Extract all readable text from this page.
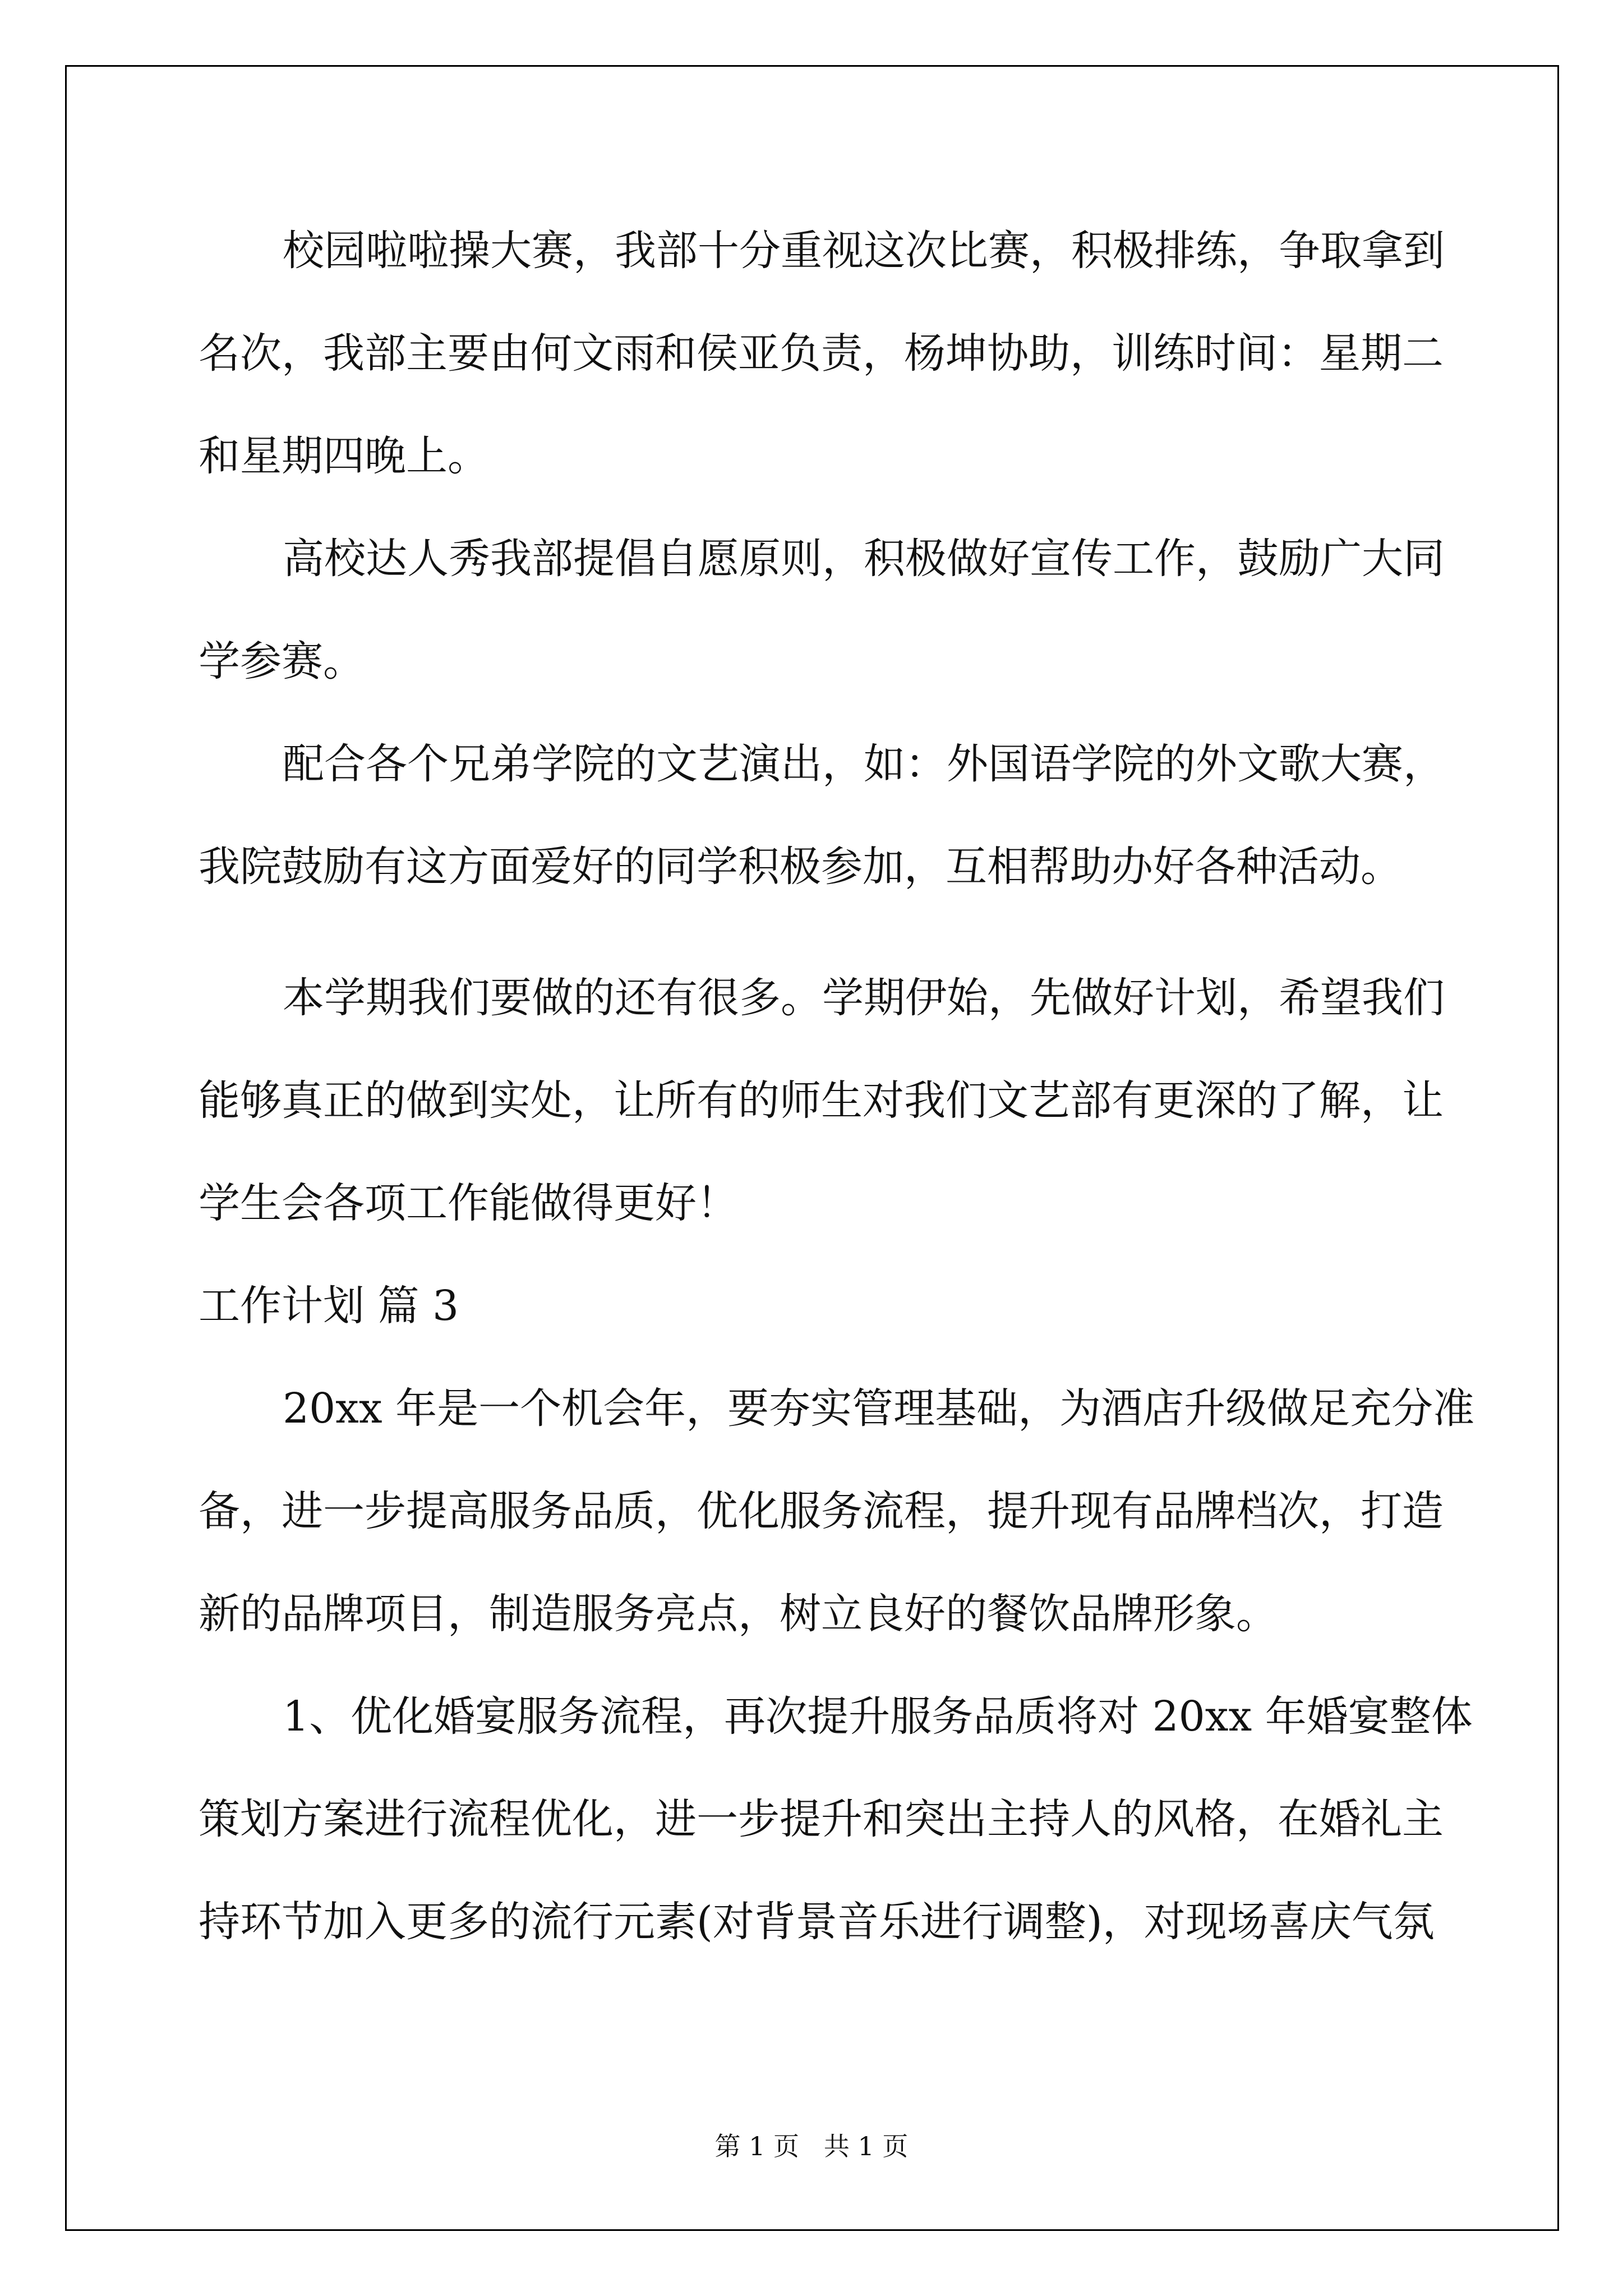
校园啦啦操大赛，我部十分重视这次比赛，积极排练，争取拿到
名次，我部主要由何文雨和侯亚负责，杨坤协助，训练时间：星期二
和星期四晚上。
高校达人秀我部提倡自愿原则，积极做好宣传工作，鼓励广大同
学参赛。
配合各个兄弟学院的文艺演出，如：外国语学院的外文歌大赛，
我院鼓励有这方面爱好的同学积极参加，互相帮助办好各种活动。
本学期我们要做的还有很多。学期伊始，先做好计划，希望我们
能够真正的做到实处，让所有的师生对我们文艺部有更深的了解，让
学生会各项工作能做得更好！
工作计划 篇 3
20xx 年是一个机会年，要夯实管理基础，为酒店升级做足充分准
备，进一步提高服务品质，优化服务流程，提升现有品牌档次，打造
新的品牌项目，制造服务亮点，树立良好的餐饮品牌形象。
1、优化婚宴服务流程，再次提升服务品质将对 20xx 年婚宴整体
策划方案进行流程优化，进一步提升和突出主持人的风格，在婚礼主
持环节加入更多的流行元素(对背景音乐进行调整)，对现场喜庆气氛
第 1 页   共 1 页
